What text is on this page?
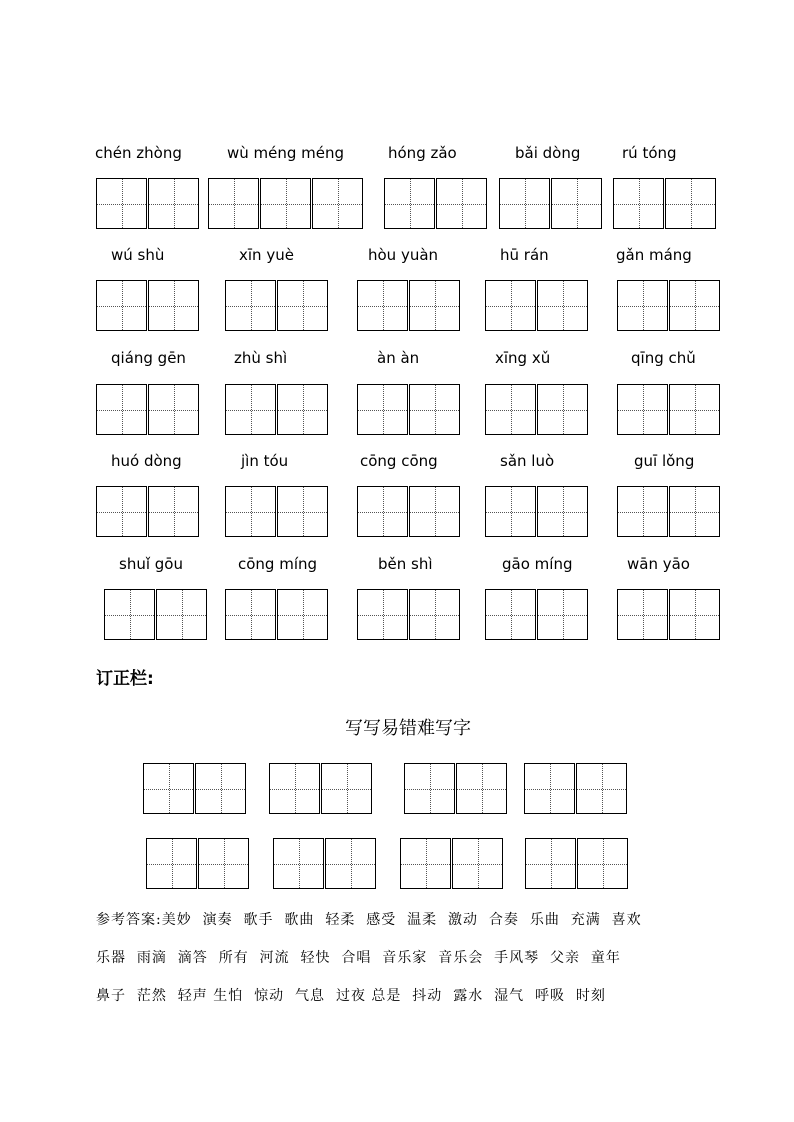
chén zhòng	wù méng méng	hóng zǎo	bǎi dòng	rú tóng
wú shù	xīn yuè	hòu yuàn	hū rán	gǎn máng
qiáng gēn	zhù shì	àn àn	xīng xǔ	qīng chǔ
huó dòng	jìn tóu	cōng cōng	sǎn luò	guī lǒng
shuǐ gōu	cōng míng	běn shì	gāo míng	wān yāo
订正栏:
写写易错难写字
参考答案:美妙  演奏  歌手  歌曲  轻柔  感受  温柔  激动  合奏  乐曲  充满  喜欢
乐器  雨滴  滴答  所有  河流  轻快  合唱  音乐家  音乐会  手风琴  父亲  童年
鼻子  茫然  轻声 生怕  惊动  气息  过夜 总是  抖动  露水  湿气  呼吸  时刻
